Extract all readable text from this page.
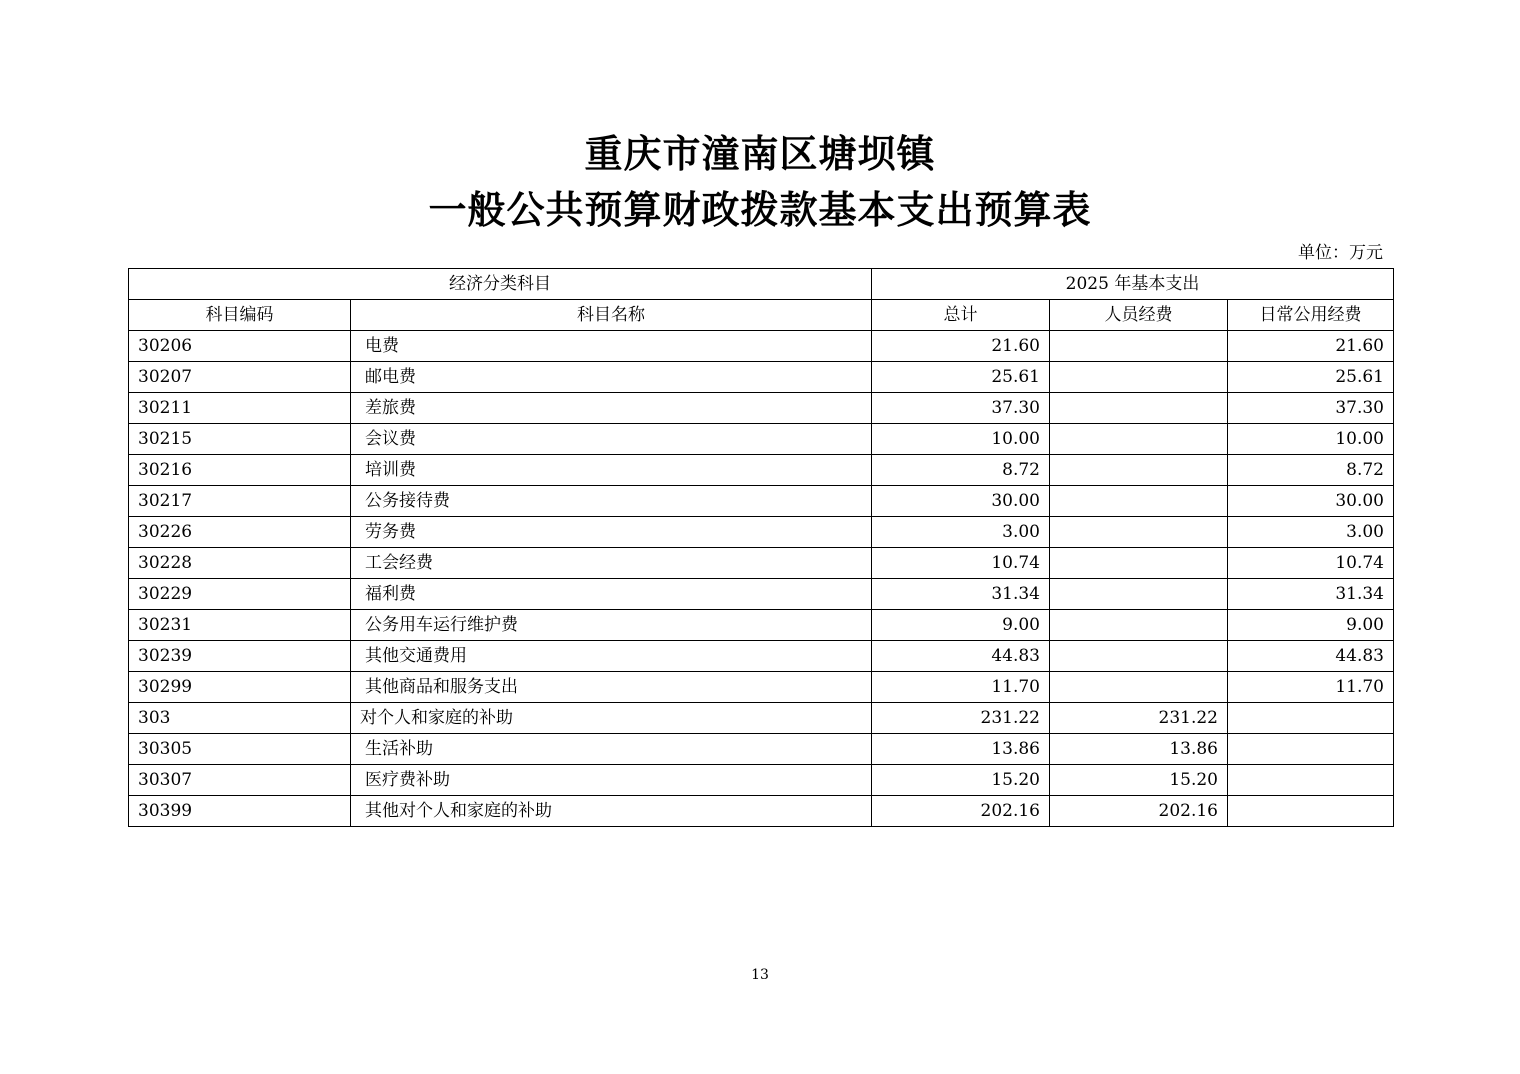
重庆市潼南区塘坝镇
一般公共预算财政拨款基本支出预算表
单位：万元
经济分类科目		2025 年基本支出		
科目编码	科目名称	总计	人员经费	日常公用经费
30206	电费	21.60		21.60
30207	邮电费	25.61		25.61
30211	差旅费	37.30		37.30
30215	会议费	10.00		10.00
30216	培训费	8.72		8.72
30217	公务接待费	30.00		30.00
30226	劳务费	3.00		3.00
30228	工会经费	10.74		10.74
30229	福利费	31.34		31.34
30231	公务用车运行维护费	9.00		9.00
30239	其他交通费用	44.83		44.83
30299	其他商品和服务支出	11.70		11.70
303	对个人和家庭的补助	231.22	231.22	
30305	生活补助	13.86	13.86	
30307	医疗费补助	15.20	15.20	
30399	其他对个人和家庭的补助	202.16	202.16	
13
